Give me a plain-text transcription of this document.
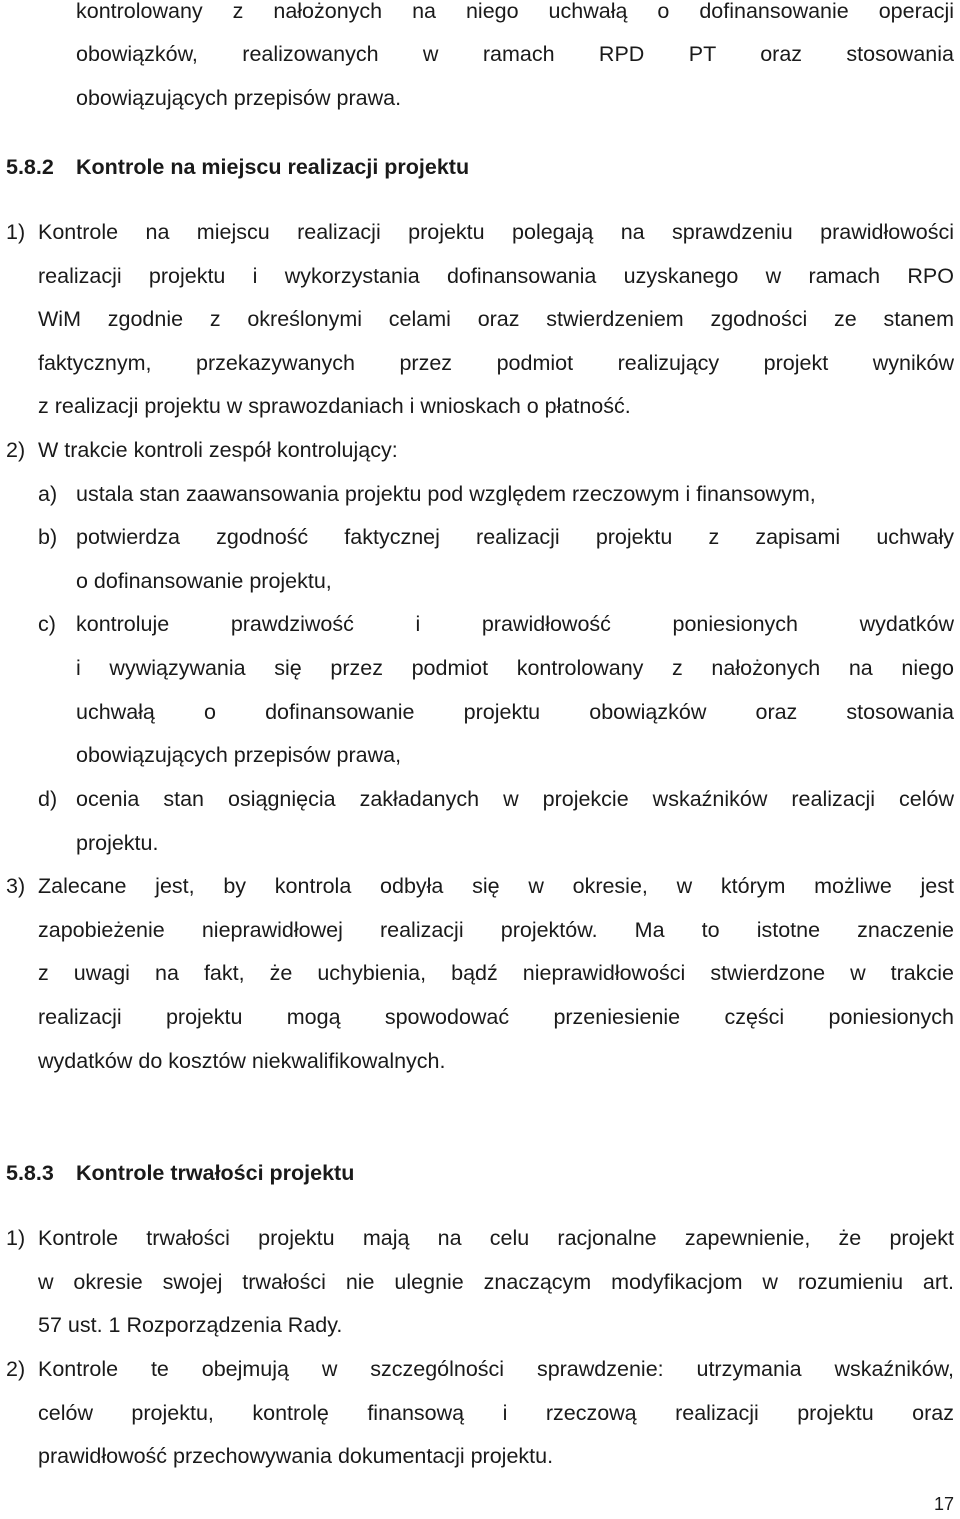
kontrolowany z nałożonych na niego uchwałą o dofinansowanie operacji
obowiązków, realizowanych w ramach RPD PT oraz stosowania
obowiązujących przepisów prawa.
5.8.2 Kontrole na miejscu realizacji projektu
1) Kontrole na miejscu realizacji projektu polegają na sprawdzeniu prawidłowości
realizacji projektu i wykorzystania dofinansowania uzyskanego w ramach RPO
WiM zgodnie z określonymi celami oraz stwierdzeniem zgodności ze stanem
faktycznym, przekazywanych przez podmiot realizujący projekt wyników
z realizacji projektu w sprawozdaniach i wnioskach o płatność.
2) W trakcie kontroli zespół kontrolujący:
a) ustala stan zaawansowania projektu pod względem rzeczowym i finansowym,
b) potwierdza zgodność faktycznej realizacji projektu z zapisami uchwały
o dofinansowanie projektu,
c) kontroluje prawdziwość i prawidłowość poniesionych wydatków
i wywiązywania się przez podmiot kontrolowany z nałożonych na niego
uchwałą o dofinansowanie projektu obowiązków oraz stosowania
obowiązujących przepisów prawa,
d) ocenia stan osiągnięcia zakładanych w projekcie wskaźników realizacji celów
projektu.
3) Zalecane jest, by kontrola odbyła się w okresie, w którym możliwe jest
zapobieżenie nieprawidłowej realizacji projektów. Ma to istotne znaczenie
z uwagi na fakt, że uchybienia, bądź nieprawidłowości stwierdzone w trakcie
realizacji projektu mogą spowodować przeniesienie części poniesionych
wydatków do kosztów niekwalifikowalnych.
5.8.3 Kontrole trwałości projektu
1) Kontrole trwałości projektu mają na celu racjonalne zapewnienie, że projekt
w okresie swojej trwałości nie ulegnie znaczącym modyfikacjom w rozumieniu art.
57 ust. 1 Rozporządzenia Rady.
2) Kontrole te obejmują w szczególności sprawdzenie: utrzymania wskaźników,
celów projektu, kontrolę finansową i rzeczową realizacji projektu oraz
prawidłowość przechowywania dokumentacji projektu.
17
